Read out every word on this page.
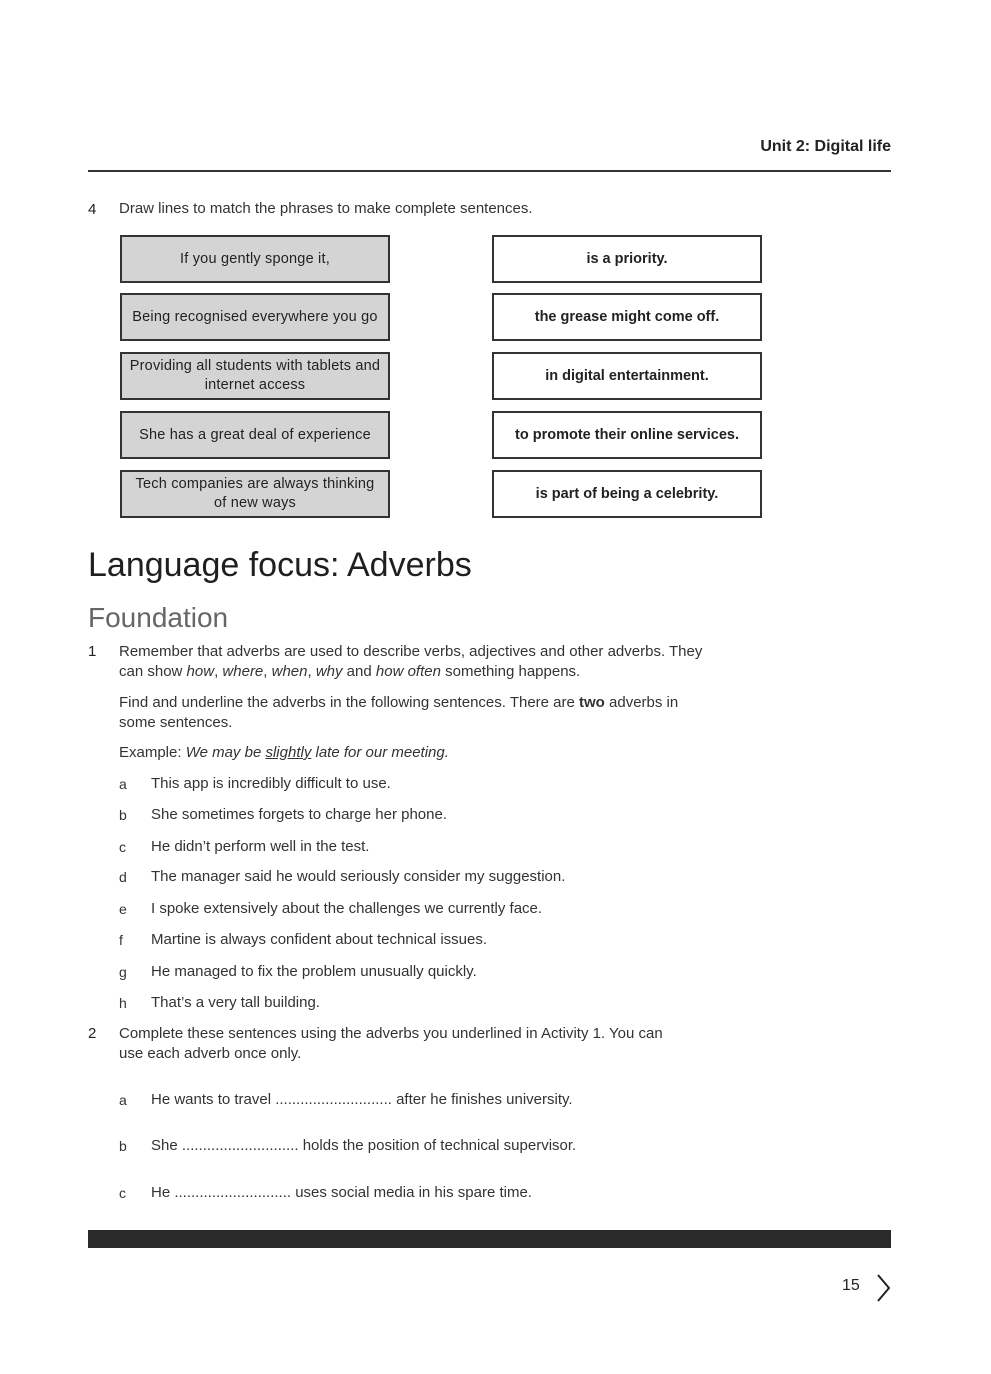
Unit 2: Digital life
4 Draw lines to match the phrases to make complete sentences.
If you gently sponge it,
Being recognised everywhere you go
Providing all students with tablets and internet access
She has a great deal of experience
Tech companies are always thinking of new ways
is a priority.
the grease might come off.
in digital entertainment.
to promote their online services.
is part of being a celebrity.
Language focus: Adverbs
Foundation
1 Remember that adverbs are used to describe verbs, adjectives and other adverbs. They can show how, where, when, why and how often something happens.
Find and underline the adverbs in the following sentences. There are two adverbs in some sentences.
Example: We may be slightly late for our meeting.
a This app is incredibly difficult to use.
b She sometimes forgets to charge her phone.
c He didn’t perform well in the test.
d The manager said he would seriously consider my suggestion.
e I spoke extensively about the challenges we currently face.
f Martine is always confident about technical issues.
g He managed to fix the problem unusually quickly.
h That’s a very tall building.
2 Complete these sentences using the adverbs you underlined in Activity 1. You can use each adverb once only.
a He wants to travel ............................ after he finishes university.
b She ............................ holds the position of technical supervisor.
c He ............................ uses social media in his spare time.
15
